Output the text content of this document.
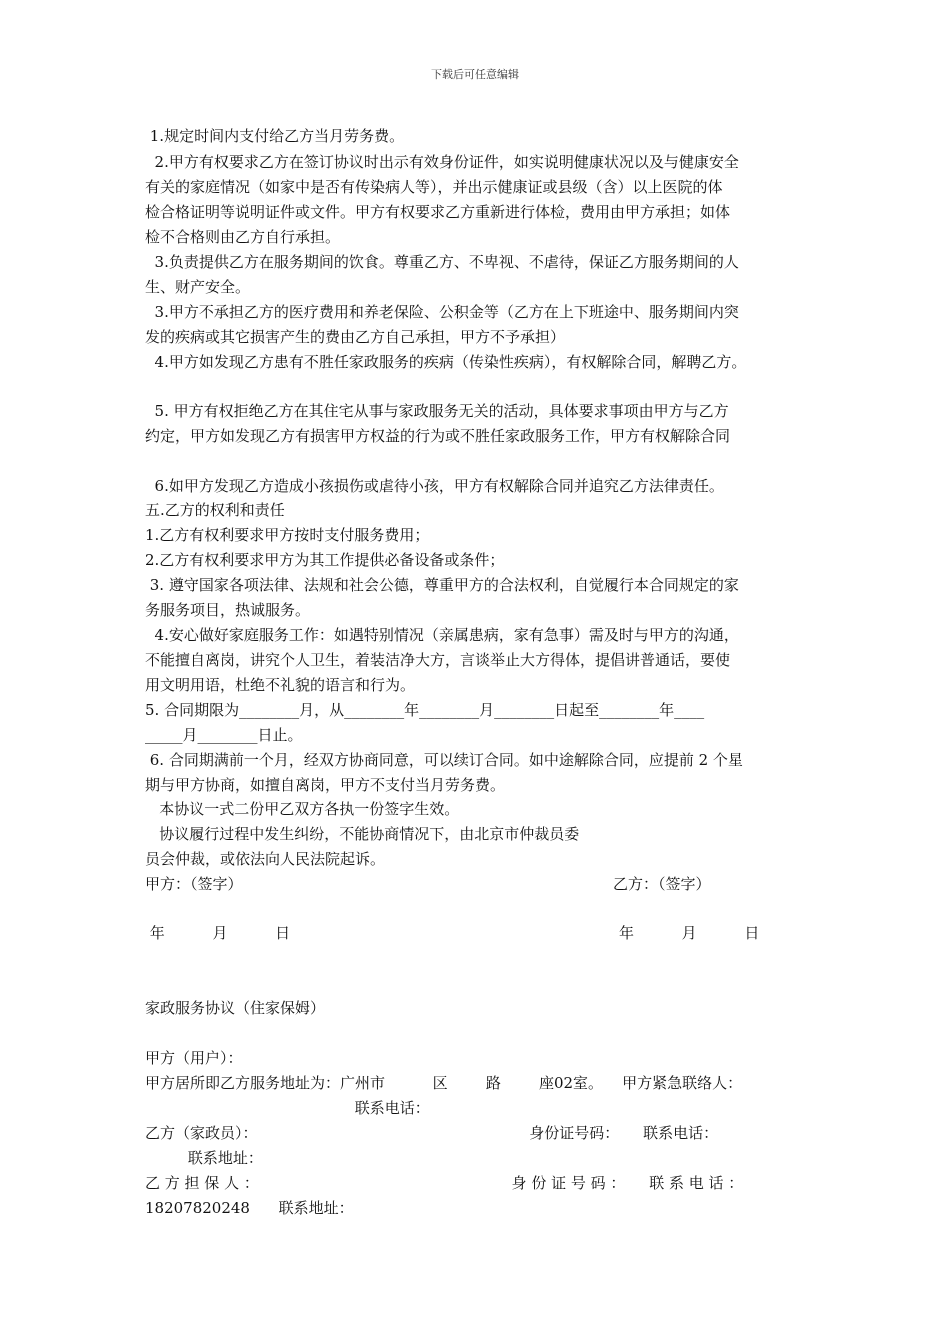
下载后可任意编辑
1.规定时间内支付给乙方当月劳务费。
2.甲方有权要求乙方在签订协议时出示有效身份证件，如实说明健康状况以及与健康安全
有关的家庭情况（如家中是否有传染病人等），并出示健康证或县级（含）以上医院的体
检合格证明等说明证件或文件。甲方有权要求乙方重新进行体检，费用由甲方承担；如体
检不合格则由乙方自行承担。
3.负责提供乙方在服务期间的饮食。尊重乙方、不卑视、不虐待，保证乙方服务期间的人
生、财产安全。
3.甲方不承担乙方的医疗费用和养老保险、公积金等（乙方在上下班途中、服务期间内突
发的疾病或其它损害产生的费由乙方自己承担，甲方不予承担）
4.甲方如发现乙方患有不胜任家政服务的疾病（传染性疾病），有权解除合同，解聘乙方。
5. 甲方有权拒绝乙方在其住宅从事与家政服务无关的活动，具体要求事项由甲方与乙方
约定，甲方如发现乙方有损害甲方权益的行为或不胜任家政服务工作，甲方有权解除合同
6.如甲方发现乙方造成小孩损伤或虐待小孩，甲方有权解除合同并追究乙方法律责任。
五.乙方的权利和责任
1.乙方有权利要求甲方按时支付服务费用；
2.乙方有权利要求甲方为其工作提供必备设备或条件；
3. 遵守国家各项法律、法规和社会公德，尊重甲方的合法权利，自觉履行本合同规定的家
务服务项目，热诚服务。
4.安心做好家庭服务工作：如遇特别情况（亲属患病，家有急事）需及时与甲方的沟通，
不能擅自离岗，讲究个人卫生，着装洁净大方，言谈举止大方得体，提倡讲普通话，要使
用文明用语，杜绝不礼貌的语言和行为。
5. 合同期限为________月，从________年________月________日起至________年____
_____月________日止。
6. 合同期满前一个月，经双方协商同意，可以续订合同。如中途解除合同，应提前 2 个星
期与甲方协商，如擅自离岗，甲方不支付当月劳务费。
本协议一式二份甲乙双方各执一份签字生效。
协议履行过程中发生纠纷，不能协商情况下，由北京市仲裁员委
员会仲裁，或依法向人民法院起诉。
甲方：（签字）	乙方：（签字）
年          月          日	年          月          日
家政服务协议（住家保姆）
甲方（用户）：
甲方居所即乙方服务地址为：广州市          区        路        座02室。    甲方紧急联络人：
联系电话：
乙方（家政员）：                                                         身份证号码：     联系电话：
联系地址：
乙 方 担 保 人 ：                                                     身 份 证 号 码 ：     联 系 电 话 ：
18207820248      联系地址：
